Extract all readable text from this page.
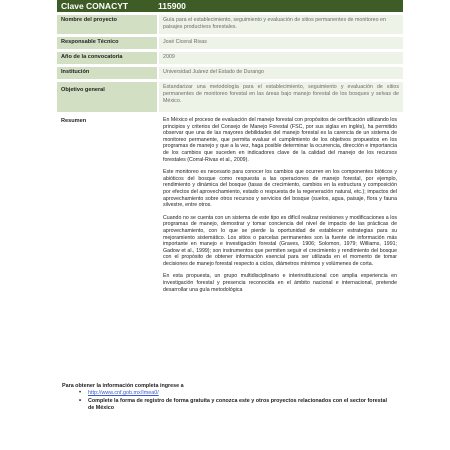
Clave CONACYT	115900
Nombre del proyecto	Guía para el establecimiento, seguimiento y evaluación de sitios permanentes de monitoreo en paisajes productivos forestales.
Responsable Técnico	José Ciceral Rivas
Año de la convocatoria	2009
Institución	Universidad Juárez del Estado de Durango
Objetivo general	Estandarizar una metodología para el establecimiento, seguimiento y evaluación de sitios permanentes de monitoreo forestal en las áreas bajo manejo forestal de los bosques y selvas de México.
Resumen	En México el proceso de evaluación del manejo forestal con propósitos de certificación utilizando los principios y criterios del Consejo de Manejo Forestal (FSC, por sus siglas en inglés), ha permitido observar que una de las mayores debilidades del manejo forestal es la carencia de un sistema de monitoreo permanente, que permita evaluar el cumplimiento de los objetivos propuestos en los programas de manejo y que a la vez, haga posible determinar la ocurrencia, dirección e importancia de los cambios que suceden en indicadores clave de la calidad del manejo de los recursos forestales (Corral-Rivas et al., 2009).

Este monitoreo es necesario para conocer los cambios que ocurren en los componentes bióticos y abióticos del bosque como respuesta a las operaciones de manejo forestal, por ejemplo, rendimiento y dinámica del bosque (tasas de crecimiento, cambios en la estructura y composición por efectos del aprovechamiento, estado o respuesta de la regeneración natural, etc.); impactos del aprovechamiento sobre otros recursos y servicios del bosque (suelos, agua, paisaje, flora y fauna silvestre, entre otros.

Cuando no se cuenta con un sistema de este tipo es difícil realizar revisiones y modificaciones a los programas de manejo, demostrar y tomar conciencia del nivel de impacto de las prácticas de aprovechamiento, con lo que se pierde la oportunidad de establecer estrategias para su mejoramiento sistemático. Los sitios o parcelas permanentes son la fuente de información más importante en manejo e investigación forestal (Graves, 1906; Solomon, 1979; Williams, 1991; Gadow et al., 1999); son instrumentos que permiten seguir el crecimiento y rendimiento del bosque con el propósito de obtener información esencial para ser utilizada en el momento de tomar decisiones de manejo forestal respecto a ciclos, diámetros mínimos y volúmenes de corta.

En esta propuesta, un grupo multidisciplinario e interinstitucional con amplia experiencia en investigación forestal y presencia reconocida en el ámbito nacional e internacional, pretende desarrollar una guía metodológica

Para obtener la información completa ingrese a
• http://www.cnf.gob.mx/Imea0/
• Complete la forma de registro de forma gratuita y conozca este y otros proyectos relacionados con el sector forestal de México
